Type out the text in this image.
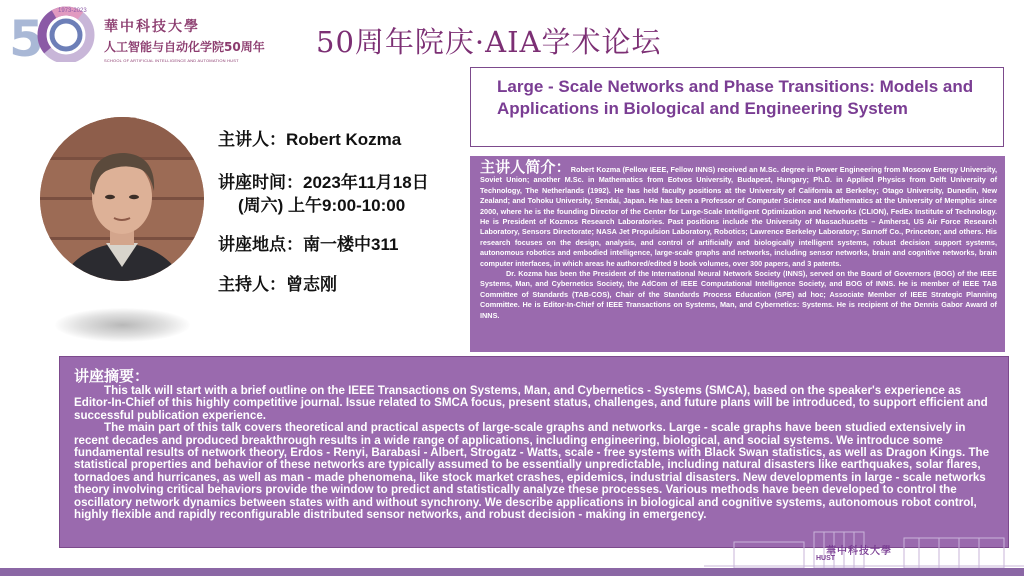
5 1973-2023
華中科技大學
人工智能与自动化学院50周年
SCHOOL OF ARTIFICIAL INTELLIGENCE AND AUTOMATION HUST
50周年院庆·AIA学术论坛
Large - Scale Networks and Phase Transitions: Models and Applications in Biological and Engineering System
主讲人：Robert Kozma
讲座时间：2023年11月18日
(周六) 上午9:00-10:00
讲座地点：南一楼中311
主持人：曾志刚

主讲人简介：Robert Kozma (Fellow IEEE, Fellow INNS) received an M.Sc. degree in Power Engineering from Moscow Energy University, Soviet Union; another M.Sc. in Mathematics from Eotvos University, Budapest, Hungary; Ph.D. in Applied Physics from Delft University of Technology, The Netherlands (1992). He has held faculty positions at the University of California at Berkeley; Otago University, Dunedin, New Zealand; and Tohoku University, Sendai, Japan. He has been a Professor of Computer Science and Mathematics at the University of Memphis since 2000, where he is the founding Director of the Center for Large-Scale Intelligent Optimization and Networks (CLION), FedEx Institute of Technology. He is President of Kozmos Research Laboratories. Past positions include the University of Massachusetts – Amherst, US Air Force Research Laboratory, Sensors Directorate; NASA Jet Propulsion Laboratory, Robotics; Lawrence Berkeley Laboratory; Sarnoff Co., Princeton; and others. His research focuses on the design, analysis, and control of artificially and biologically intelligent systems, robust decision support systems, autonomous robotics and embodied intelligence, large-scale graphs and networks, including sensor networks, brain and cognitive networks, brain computer interfaces, in which areas he authored/edited 9 book volumes, over 300 papers, and 3 patents.

Dr. Kozma has been the President of the International Neural Network Society (INNS), served on the Board of Governors (BOG) of the IEEE Systems, Man, and Cybernetics Society, the AdCom of IEEE Computational Intelligence Society, and BOG of INNS. He is member of IEEE TAB Committee of Standards (TAB-COS), Chair of the Standards Process Education (SPE) ad hoc; Associate Member of IEEE Strategic Planning Committee. He is Editor-In-Chief of IEEE Transactions on Systems, Man, and Cybernetics: Systems. He is recipient of the Dennis Gabor Award of INNS.

讲座摘要：

This talk will start with a brief outline on the IEEE Transactions on Systems, Man, and Cybernetics - Systems (SMCA), based on the speaker's experience as Editor-In-Chief of this highly competitive journal. Issue related to SMCA focus, present status, challenges, and future plans will be introduced, to support efficient and successful publication experience.

The main part of this talk covers theoretical and practical aspects of large-scale graphs and networks. Large - scale graphs have been studied extensively in recent decades and produced breakthrough results in a wide range of applications, including engineering, biological, and social systems. We introduce some fundamental results of network theory, Erdos - Renyi, Barabasi - Albert, Strogatz - Watts, scale - free systems with Black Swan statistics, as well as Dragon Kings. The statistical properties and behavior of these networks are typically assumed to be essentially unpredictable, including natural disasters like earthquakes, solar flares, tornadoes and hurricanes, as well as man - made phenomena, like stock market crashes, epidemics, industrial disasters. New developments in large - scale networks theory involving critical behaviors provide the window to predict and statistically analyze these processes. Various methods have been developed to control the oscillatory network dynamics between states with and without synchrony. We describe applications in biological and cognitive systems, autonomous robot control, highly flexible and rapidly reconfigurable distributed sensor networks, and robust decision - making in emergency.

HUST
華中科技大學
